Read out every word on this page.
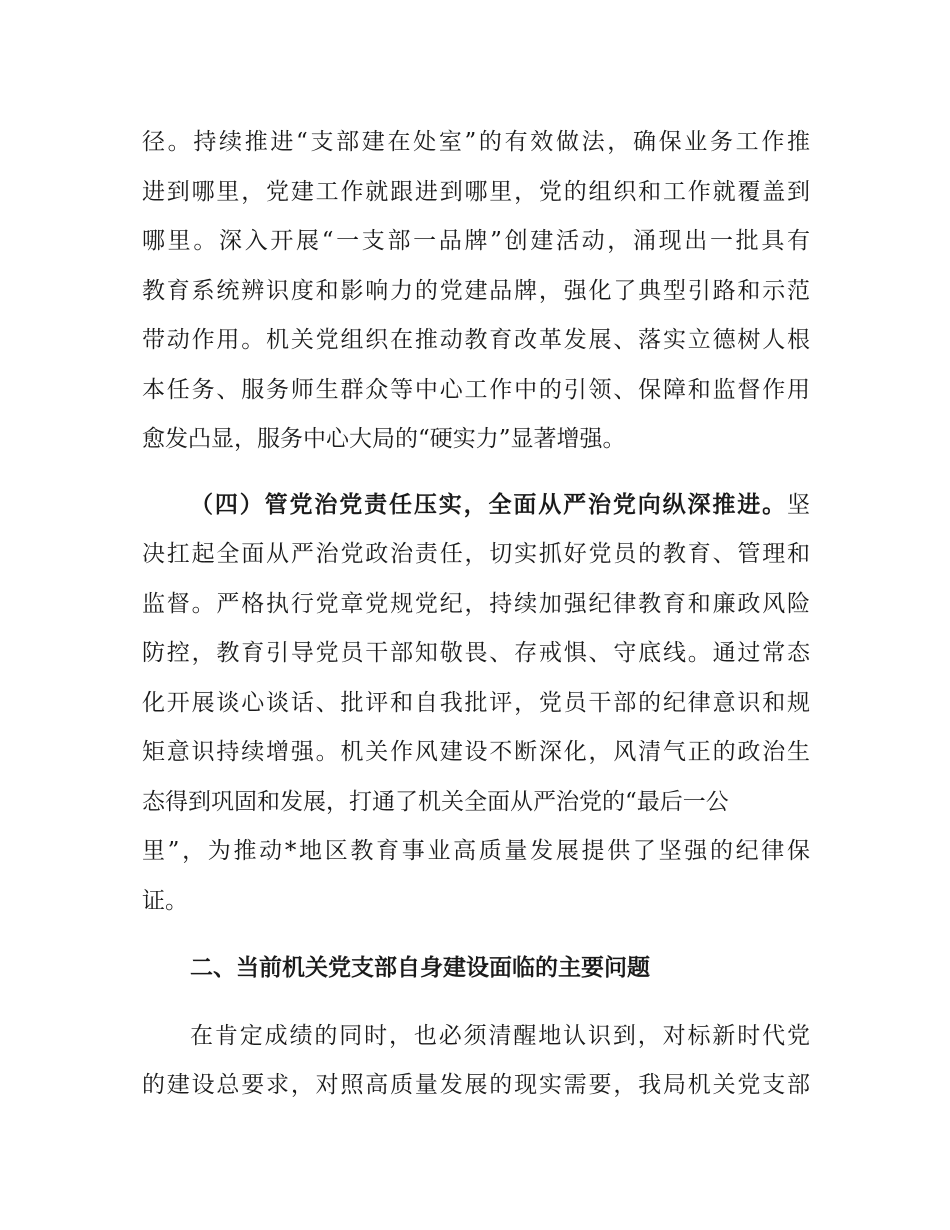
径。持续推进“支部建在处室”的有效做法，确保业务工作推
进到哪里，党建工作就跟进到哪里，党的组织和工作就覆盖到
哪里。深入开展“一支部一品牌”创建活动，涌现出一批具有
教育系统辨识度和影响力的党建品牌，强化了典型引路和示范
带动作用。机关党组织在推动教育改革发展、落实立德树人根
本任务、服务师生群众等中心工作中的引领、保障和监督作用
愈发凸显，服务中心大局的“硬实力”显著增强。
（四）管党治党责任压实，全面从严治党向纵深推进。坚
决扛起全面从严治党政治责任，切实抓好党员的教育、管理和
监督。严格执行党章党规党纪，持续加强纪律教育和廉政风险
防控，教育引导党员干部知敬畏、存戒惧、守底线。通过常态
化开展谈心谈话、批评和自我批评，党员干部的纪律意识和规
矩意识持续增强。机关作风建设不断深化，风清气正的政治生
态得到巩固和发展，打通了机关全面从严治党的“最后一公
里”，为推动*地区教育事业高质量发展提供了坚强的纪律保
证。
二、当前机关党支部自身建设面临的主要问题
在肯定成绩的同时，也必须清醒地认识到，对标新时代党
的建设总要求，对照高质量发展的现实需要，我局机关党支部
